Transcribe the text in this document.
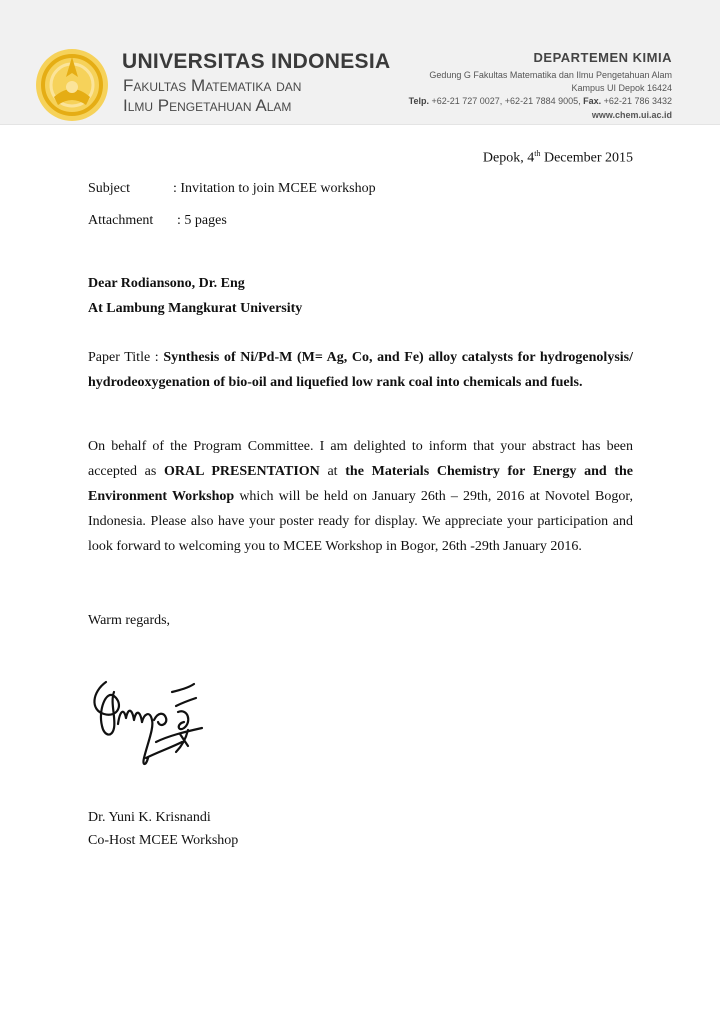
UNIVERSITAS INDONESIA
Fakultas Matematika dan
Ilmu Pengetahuan Alam
DEPARTEMEN KIMIA
Gedung G Fakultas Matematika dan Ilmu Pengetahuan Alam
Kampus UI Depok 16424
Telp. +62-21 727 0027, +62-21 7884 9005, Fax. +62-21 786 3432
www.chem.ui.ac.id
Depok, 4th December 2015
Subject	: Invitation to join MCEE workshop
Attachment : 5 pages
Dear Rodiansono, Dr. Eng
At Lambung Mangkurat University
Paper Title : Synthesis of Ni/Pd-M (M= Ag, Co, and Fe) alloy catalysts for hydrogenolysis/ hydrodeoxygenation of bio-oil and liquefied low rank coal into chemicals and fuels.
On behalf of the Program Committee. I am delighted to inform that your abstract has been accepted as ORAL PRESENTATION at the Materials Chemistry for Energy and the Environment Workshop which will be held on January 26th – 29th, 2016 at Novotel Bogor, Indonesia. Please also have your poster ready for display. We appreciate your participation and look forward to welcoming you to MCEE Workshop in Bogor, 26th -29th January 2016.
Warm regards,
Dr. Yuni K. Krisnandi
Co-Host MCEE Workshop
